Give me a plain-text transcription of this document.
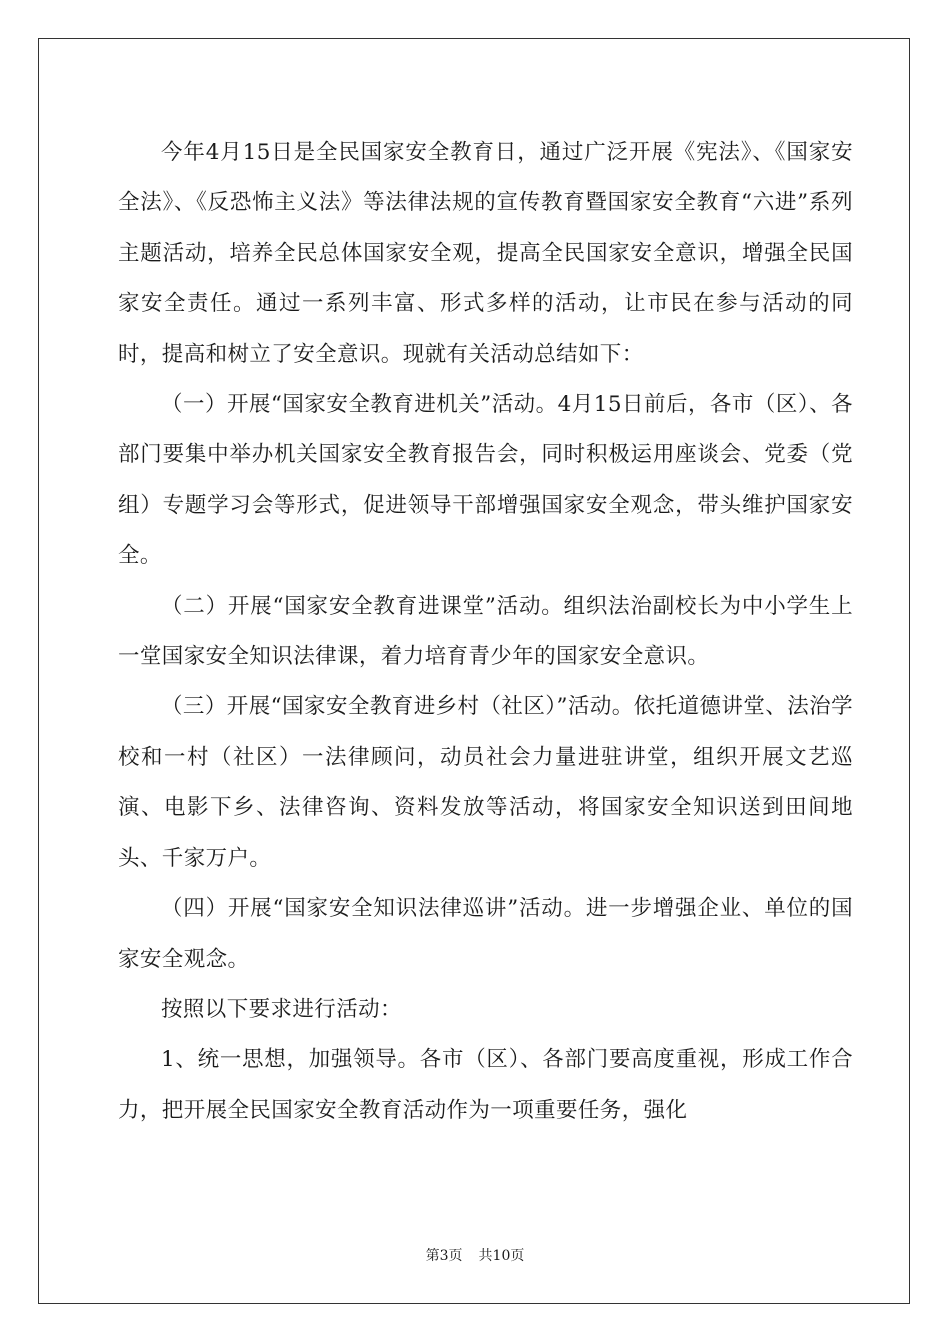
今年4月15日是全民国家安全教育日，通过广泛开展《宪法》、《国家安全法》、《反恐怖主义法》等法律法规的宣传教育暨国家安全教育“六进”系列主题活动，培养全民总体国家安全观，提高全民国家安全意识，增强全民国家安全责任。通过一系列丰富、形式多样的活动，让市民在参与活动的同时，提高和树立了安全意识。现就有关活动总结如下：

（一）开展“国家安全教育进机关”活动。4月15日前后，各市（区）、各部门要集中举办机关国家安全教育报告会，同时积极运用座谈会、党委（党组）专题学习会等形式，促进领导干部增强国家安全观念，带头维护国家安全。

（二）开展“国家安全教育进课堂”活动。组织法治副校长为中小学生上一堂国家安全知识法律课，着力培育青少年的国家安全意识。

（三）开展“国家安全教育进乡村（社区）”活动。依托道德讲堂、法治学校和一村（社区）一法律顾问，动员社会力量进驻讲堂，组织开展文艺巡演、电影下乡、法律咨询、资料发放等活动，将国家安全知识送到田间地头、千家万户。

（四）开展“国家安全知识法律巡讲”活动。进一步增强企业、单位的国家安全观念。

按照以下要求进行活动：

1、统一思想，加强领导。各市（区）、各部门要高度重视，形成工作合力，把开展全民国家安全教育活动作为一项重要任务，强化

第3页 共10页
